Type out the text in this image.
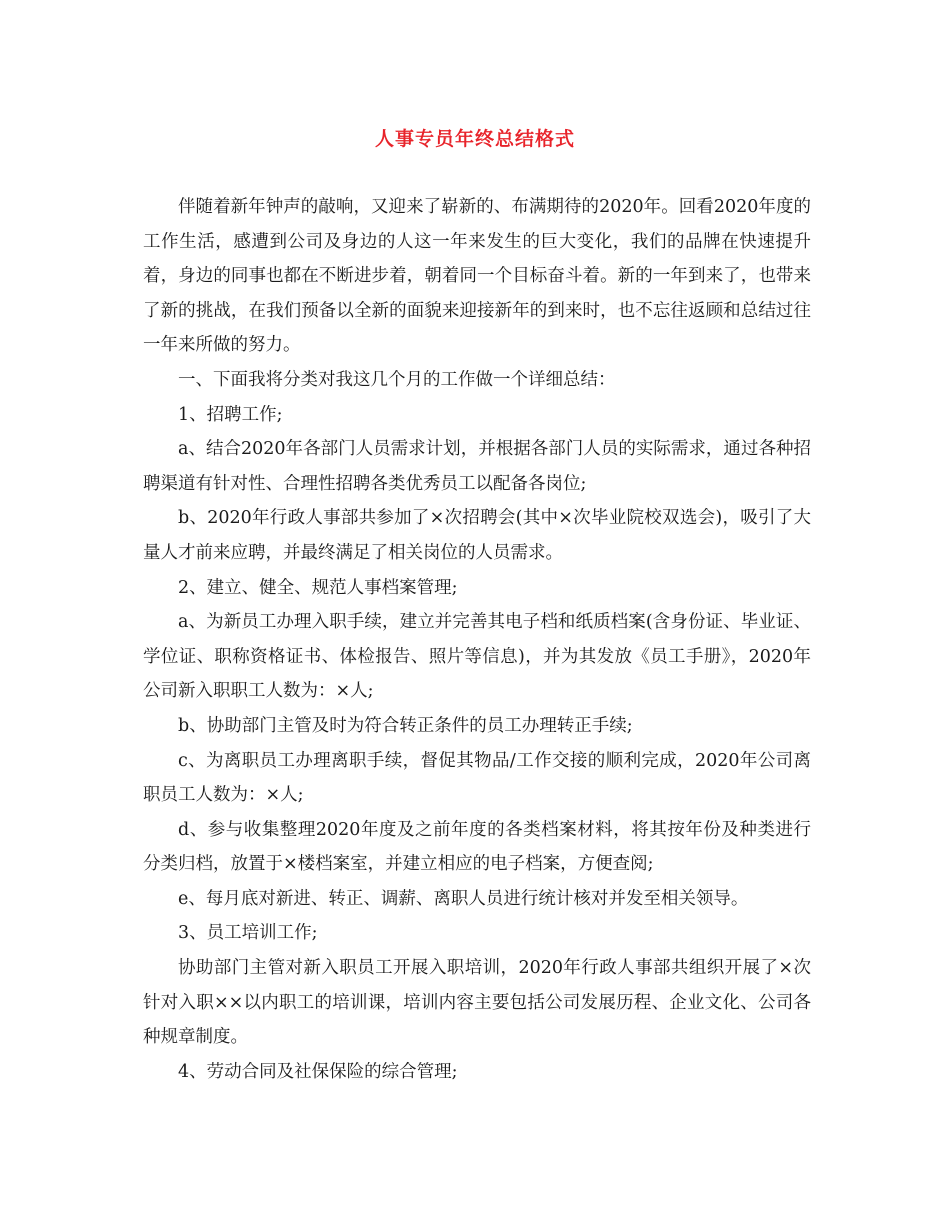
人事专员年终总结格式

伴随着新年钟声的敲响，又迎来了崭新的、布满期待的2020年。回看2020年度的工作生活，感遭到公司及身边的人这一年来发生的巨大变化，我们的品牌在快速提升着，身边的同事也都在不断进步着，朝着同一个目标奋斗着。新的一年到来了，也带来了新的挑战，在我们预备以全新的面貌来迎接新年的到来时，也不忘往返顾和总结过往一年来所做的努力。

一、下面我将分类对我这几个月的工作做一个详细总结：

1、招聘工作;

a、结合2020年各部门人员需求计划，并根据各部门人员的实际需求，通过各种招聘渠道有针对性、合理性招聘各类优秀员工以配备各岗位;

b、2020年行政人事部共参加了×次招聘会(其中×次毕业院校双选会)，吸引了大量人才前来应聘，并最终满足了相关岗位的人员需求。

2、建立、健全、规范人事档案管理;

a、为新员工办理入职手续，建立并完善其电子档和纸质档案(含身份证、毕业证、学位证、职称资格证书、体检报告、照片等信息)，并为其发放《员工手册》，2020年公司新入职职工人数为：×人;

b、协助部门主管及时为符合转正条件的员工办理转正手续;

c、为离职员工办理离职手续，督促其物品/工作交接的顺利完成，2020年公司离职员工人数为：×人;

d、参与收集整理2020年度及之前年度的各类档案材料，将其按年份及种类进行分类归档，放置于×楼档案室，并建立相应的电子档案，方便查阅;

e、每月底对新进、转正、调薪、离职人员进行统计核对并发至相关领导。

3、员工培训工作;

协助部门主管对新入职员工开展入职培训，2020年行政人事部共组织开展了×次针对入职××以内职工的培训课，培训内容主要包括公司发展历程、企业文化、公司各种规章制度。

4、劳动合同及社保保险的综合管理;
